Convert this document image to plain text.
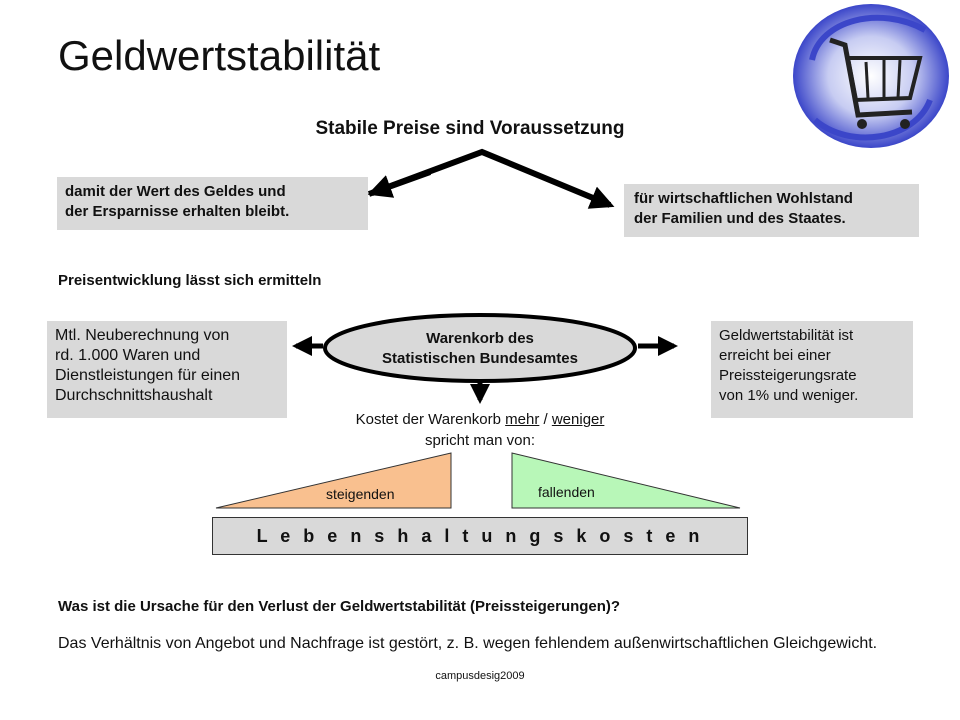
Geldwertstabilität
Stabile Preise sind Voraussetzung
damit der Wert des Geldes und
der Ersparnisse erhalten bleibt.
für wirtschaftlichen Wohlstand
der Familien und des Staates.
Preisentwicklung lässt sich ermitteln
Mtl. Neuberechnung von
rd. 1.000 Waren und
Dienstleistungen für einen
Durchschnittshaushalt
Warenkorb des
Statistischen Bundesamtes
Geldwertstabilität ist
erreicht bei einer
Preissteigerungsrate
von 1% und weniger.
Kostet der Warenkorb mehr / weniger
spricht man von:
steigenden	fallenden
L e b e n s h a l t u n g s k o s t e n
Was ist die Ursache für den Verlust der Geldwertstabilität (Preissteigerungen)?
Das Verhältnis von Angebot und Nachfrage ist gestört, z. B. wegen fehlendem außenwirtschaftlichen Gleichgewicht.
campusdesig2009
